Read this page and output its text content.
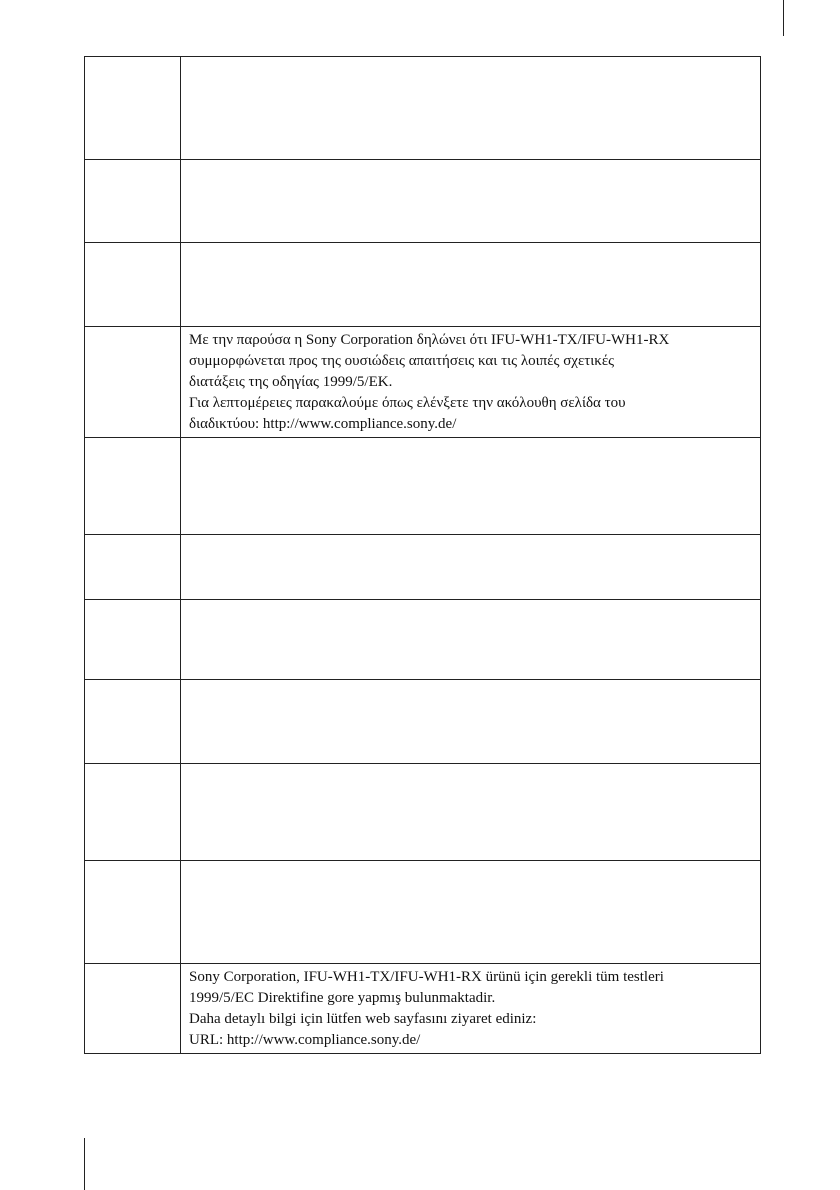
	Με την παρούσα η Sony Corporation δηλώνει ότι IFU-WH1-TX/IFU-WH1-RX
συμμορφώνεται προς της ουσιώδεις απαιτήσεις και τις λοιπές σχετικές
διατάξεις της οδηγίας 1999/5/ΕΚ.
Για λεπτομέρειες παρακαλούμε όπως ελένξετε την ακόλουθη σελίδα του
διαδικτύου: http://www.compliance.sony.de/

	Sony Corporation, IFU-WH1-TX/IFU-WH1-RX ürünü için gerekli tüm testleri
1999/5/EC Direktifine gore yapmış bulunmaktadir.
Daha detaylı bilgi için lütfen web sayfasını ziyaret ediniz:
URL: http://www.compliance.sony.de/
